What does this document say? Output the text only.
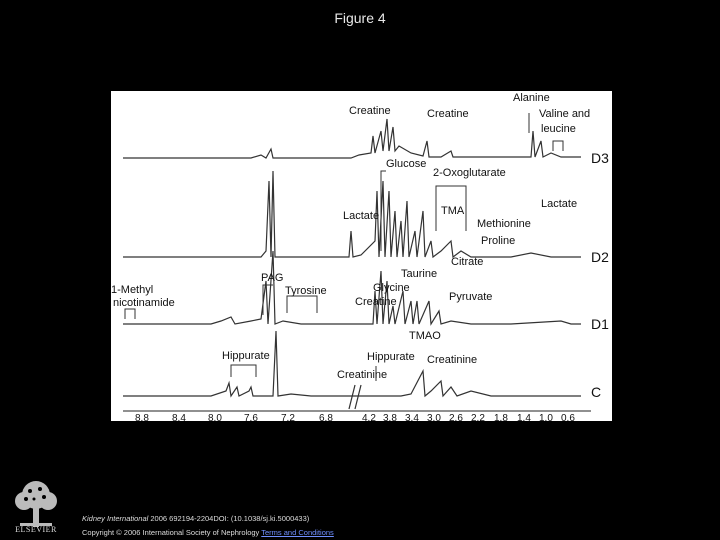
Figure 4
Alanine
Valine and
leucine
Creatine	Creatine
Glucose
2-Oxoglutarate
Lactate	TMA
Lactate
Methionine
Proline
Citrate
Taurine
Glycine
Creatine	Pyruvate
PAG
Tyrosine
1-Methyl
nicotinamide
TMAO
Hippurate	Hippurate Creatinine
Creatinine
D3
D2
D1
C
8.8 8.4 8.0 7.6 7.2 6.8	4.2 3.8 3.4 3.0 2.6 2.2 1.8 1.4 1.0 0.6
ELSEVIER
Kidney International 2006 692194-2204DOI: (10.1038/sj.ki.5000433)
Copyright © 2006 International Society of Nephrology Terms and Conditions
